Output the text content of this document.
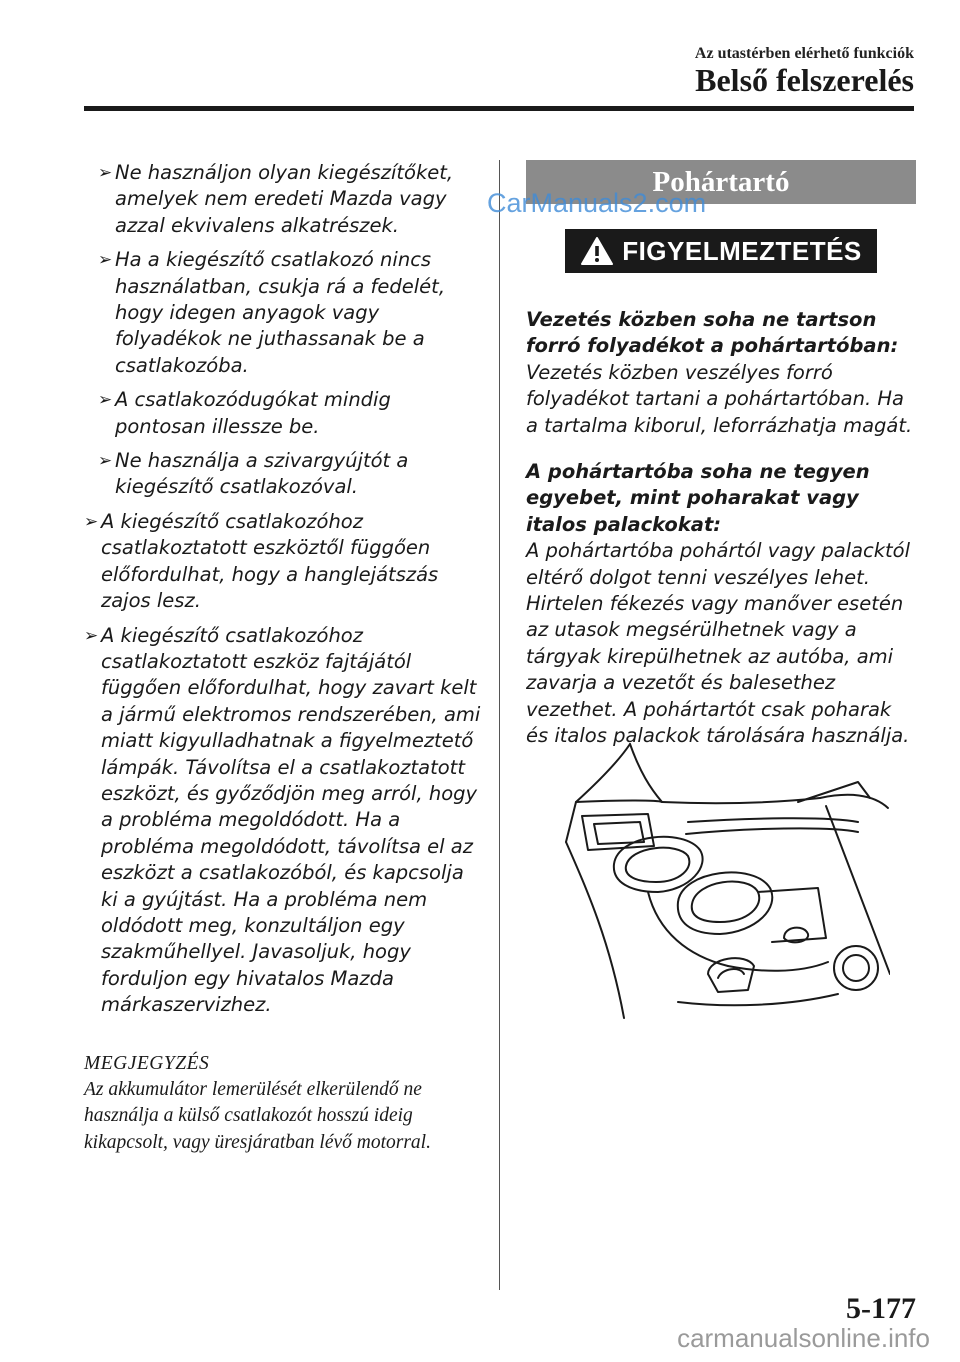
Az utastérben elérhető funkciók
Belső felszerelés
➢ Ne használjon olyan kiegészítőket, amelyek nem eredeti Mazda vagy azzal ekvivalens alkatrészek.
➢ Ha a kiegészítő csatlakozó nincs használatban, csukja rá a fedelét, hogy idegen anyagok vagy folyadékok ne juthassanak be a csatlakozóba.
➢ A csatlakozódugókat mindig pontosan illessze be.
➢ Ne használja a szivargyújtót a kiegészítő csatlakozóval.
➢ A kiegészítő csatlakozóhoz csatlakoztatott eszköztől függően előfordulhat, hogy a hanglejátszás zajos lesz.
➢ A kiegészítő csatlakozóhoz csatlakoztatott eszköz fajtájától függően előfordulhat, hogy zavart kelt a jármű elektromos rendszerében, ami miatt kigyulladhatnak a figyelmeztető lámpák. Távolítsa el a csatlakoztatott eszközt, és győződjön meg arról, hogy a probléma megoldódott. Ha a probléma megoldódott, távolítsa el az eszközt a csatlakozóból, és kapcsolja ki a gyújtást. Ha a probléma nem oldódott meg, konzultáljon egy szakműhellyel. Javasoljuk, hogy forduljon egy hivatalos Mazda márkaszervizhez.
MEGJEGYZÉS
Az akkumulátor lemerülését elkerülendő ne használja a külső csatlakozót hosszú ideig kikapcsolt, vagy üresjáratban lévő motorral.
Pohártartó
FIGYELMEZTETÉS
Vezetés közben soha ne tartson forró folyadékot a pohártartóban:
Vezetés közben veszélyes forró folyadékot tartani a pohártartóban. Ha a tartalma kiborul, leforrázhatja magát.
A pohártartóba soha ne tegyen egyebet, mint poharakat vagy italos palackokat:
A pohártartóba pohártól vagy palacktól eltérő dolgot tenni veszélyes lehet. Hirtelen fékezés vagy manőver esetén az utasok megsérülhetnek vagy a tárgyak kirepülhetnek az autóba, ami zavarja a vezetőt és balesethez vezethet. A pohártartót csak poharak és italos palackok tárolására használja.
CarManuals2.com
5-177
carmanualsonline.info
